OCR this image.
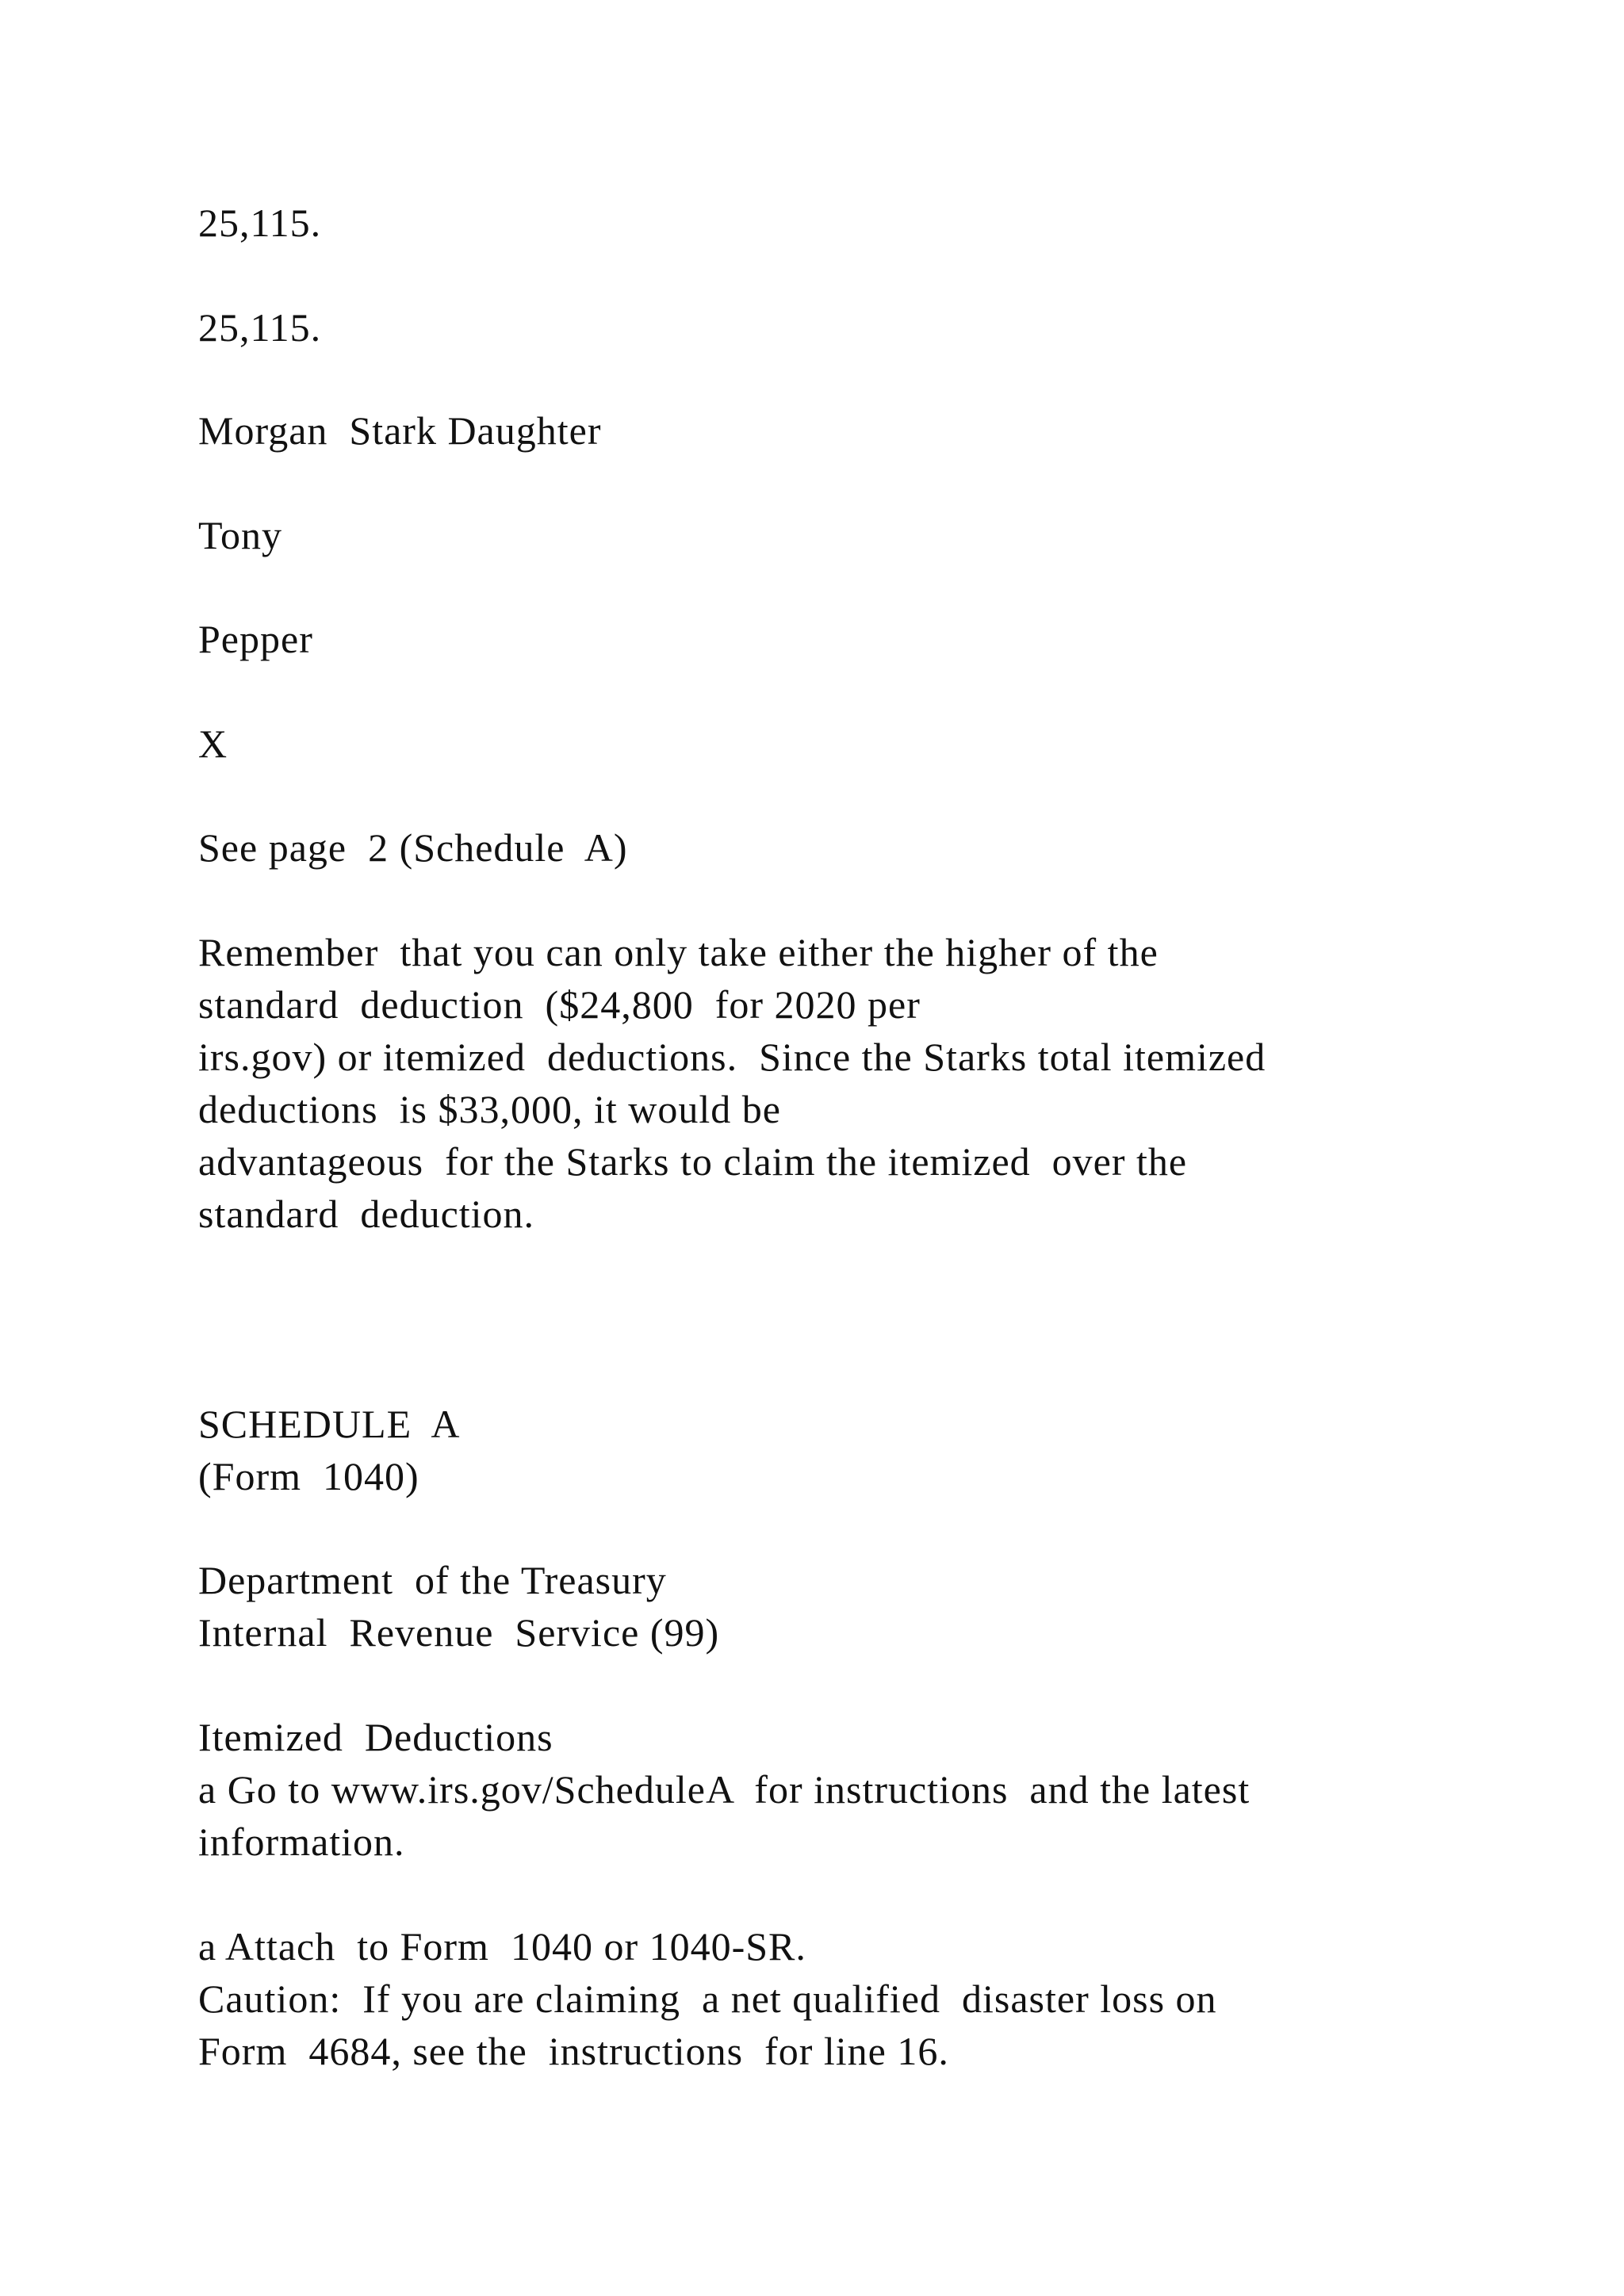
25,115.

25,115.

Morgan  Stark Daughter

Tony

Pepper

X

See page  2 (Schedule  A)

Remember  that you can only take either the higher of the

standard  deduction  ($24,800  for 2020 per

irs.gov) or itemized  deductions.  Since the Starks total itemized

deductions  is $33,000, it would be

advantageous  for the Starks to claim the itemized  over the

standard  deduction.

SCHEDULE  A

(Form  1040)

Department  of the Treasury

Internal  Revenue  Service (99)

Itemized  Deductions

a Go to www.irs.gov/ScheduleA  for instructions  and the latest

information.

a Attach  to Form  1040 or 1040-SR.

Caution:  If you are claiming  a net qualified  disaster loss on

Form  4684, see the  instructions  for line 16.
